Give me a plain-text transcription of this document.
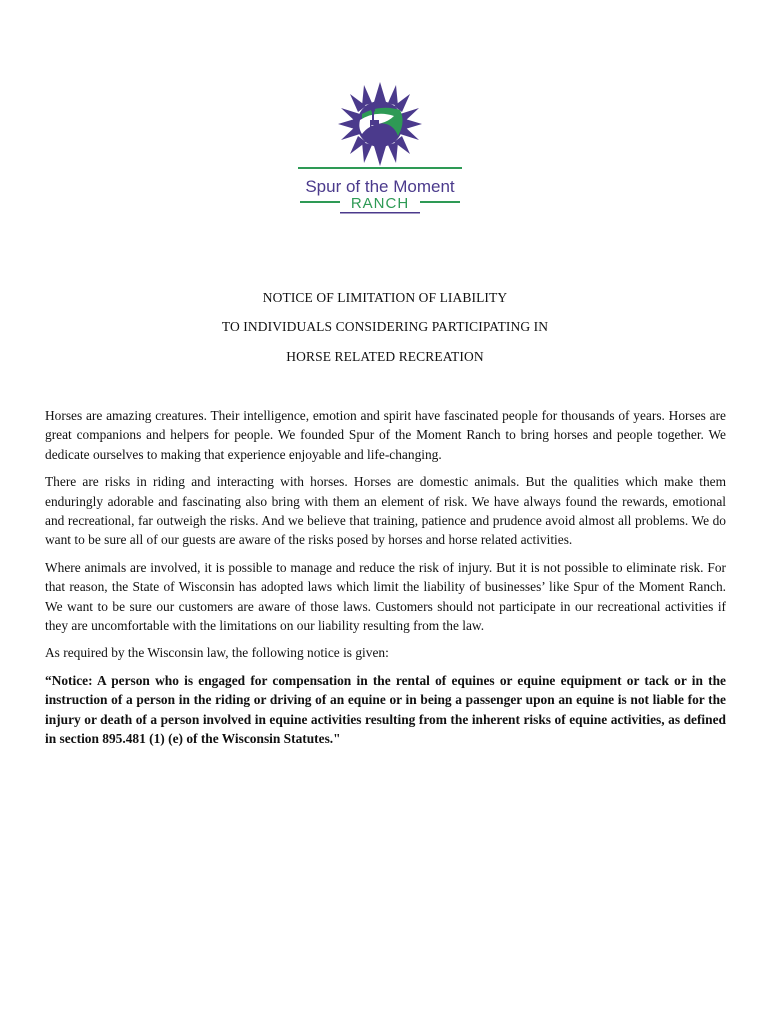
Spur of the Moment
RANCH
NOTICE OF LIMITATION OF LIABILITY
TO INDIVIDUALS CONSIDERING PARTICIPATING IN
HORSE RELATED RECREATION

Horses are amazing creatures. Their intelligence, emotion and spirit have fascinated people for thousands of years. Horses are great companions and helpers for people. We founded Spur of the Moment Ranch to bring horses and people together. We dedicate ourselves to making that experience enjoyable and life-changing.

There are risks in riding and interacting with horses. Horses are domestic animals. But the qualities which make them enduringly adorable and fascinating also bring with them an element of risk. We have always found the rewards, emotional and recreational, far outweigh the risks. And we believe that training, patience and prudence avoid almost all problems. We do want to be sure all of our guests are aware of the risks posed by horses and horse related activities.

Where animals are involved, it is possible to manage and reduce the risk of injury. But it is not possible to eliminate risk. For that reason, the State of Wisconsin has adopted laws which limit the liability of businesses’ like Spur of the Moment Ranch. We want to be sure our customers are aware of those laws. Customers should not participate in our recreational activities if they are uncomfortable with the limitations on our liability resulting from the law.

As required by the Wisconsin law, the following notice is given:

“Notice: A person who is engaged for compensation in the rental of equines or equine equipment or tack or in the instruction of a person in the riding or driving of an equine or in being a passenger upon an equine is not liable for the injury or death of a person involved in equine activities resulting from the inherent risks of equine activities, as defined in section 895.481 (1) (e) of the Wisconsin Statutes."
